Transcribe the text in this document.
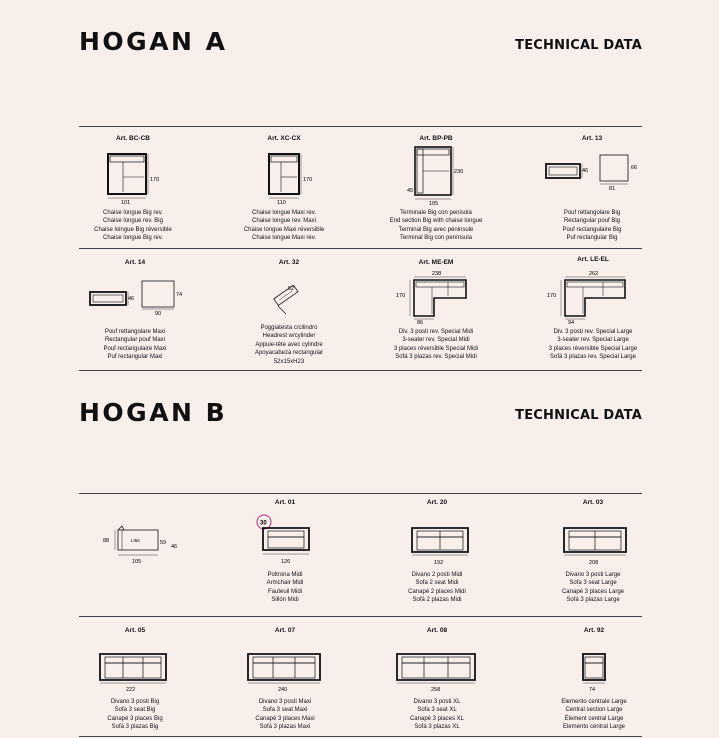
HOGAN A	TECHNICAL DATA
HOGAN B	TECHNICAL DATA
Art. BC-CB
170
101
Chaise longue Big rev.
Chaise longue rev. Big
Chaise loingue Big réversible
Chaise longue Big rev.
Art. XC-CX
170
110
Chaise longue Maxi rev.
Chaise longue rev. Maxi
Chaise longue Maxi réversible
Chaise longue Maxi rev.
Art. BP-PB
230
45
105
Terminale Big con penisola
End section Big with chaise longue
Terminal Big avec péninsule
Terminal Big con península
Art. 13
46	66
81
Pouf rettangolare Big
Rectangular pouf Big
Pouf rectangulaire Big
Puf rectangular Big
Art. 14
46
74
90
Pouf rettangolare Maxi
Rectangular pouf Maxi
Pouf rectangulaire Maxi
Puf rectangular Maxi
Art. 32
52
Poggiatesta c/cilindro
Headrest w/cylinder
Appuie-tête avec cylindre
Apoyacabeza rectangular
52x15xH23
Art. ME-EM
238
170
86
Div. 3 posti rev. Special Midi
3-seater rev. Special Midi
3 places réversible Special Midi
Sofá 3 plazas rev. Special Midi
Art. LE-EL
262
170
94
Div. 3 posti rev. Special Large
3-seater rev. Special Large
3 places réversible Special Large
Sofá 3 plazas rev. Special Large
LI56
88	59
46
105
Art. 01
30
126
Poltrona Midi
Armchair Midi
Fauteuil Midi
Sillón Midi
Art. 20
192
Divano 2 posti Midi
Sofa 2 seat Midi
Canapé 2 places Midi
Sofá 2 plazas Midi
Art. 03
208
Divano 3 posti Large
Sofa 3 seat Large
Canapé 3 places Large
Sofá 3 plazas Large
Art. 05
222
Divano 3 posti Big
Sofa 3 seat Big
Canapé 3 places Big
Sofá 3 plazas Big
Art. 07
240
Divano 3 posti Maxi
Sofa 3 seat Maxi
Canapé 3 places Maxi
Sofá 3 plazas Maxi
Art. 08
258
Divano 3 posti XL
Sofa 3 seat XL
Canapé 3 places XL
Sofá 3 plazas XL
Art. 92
74
Elemento centrale Large
Central section Large
Élement central Large
Elemento central Large
